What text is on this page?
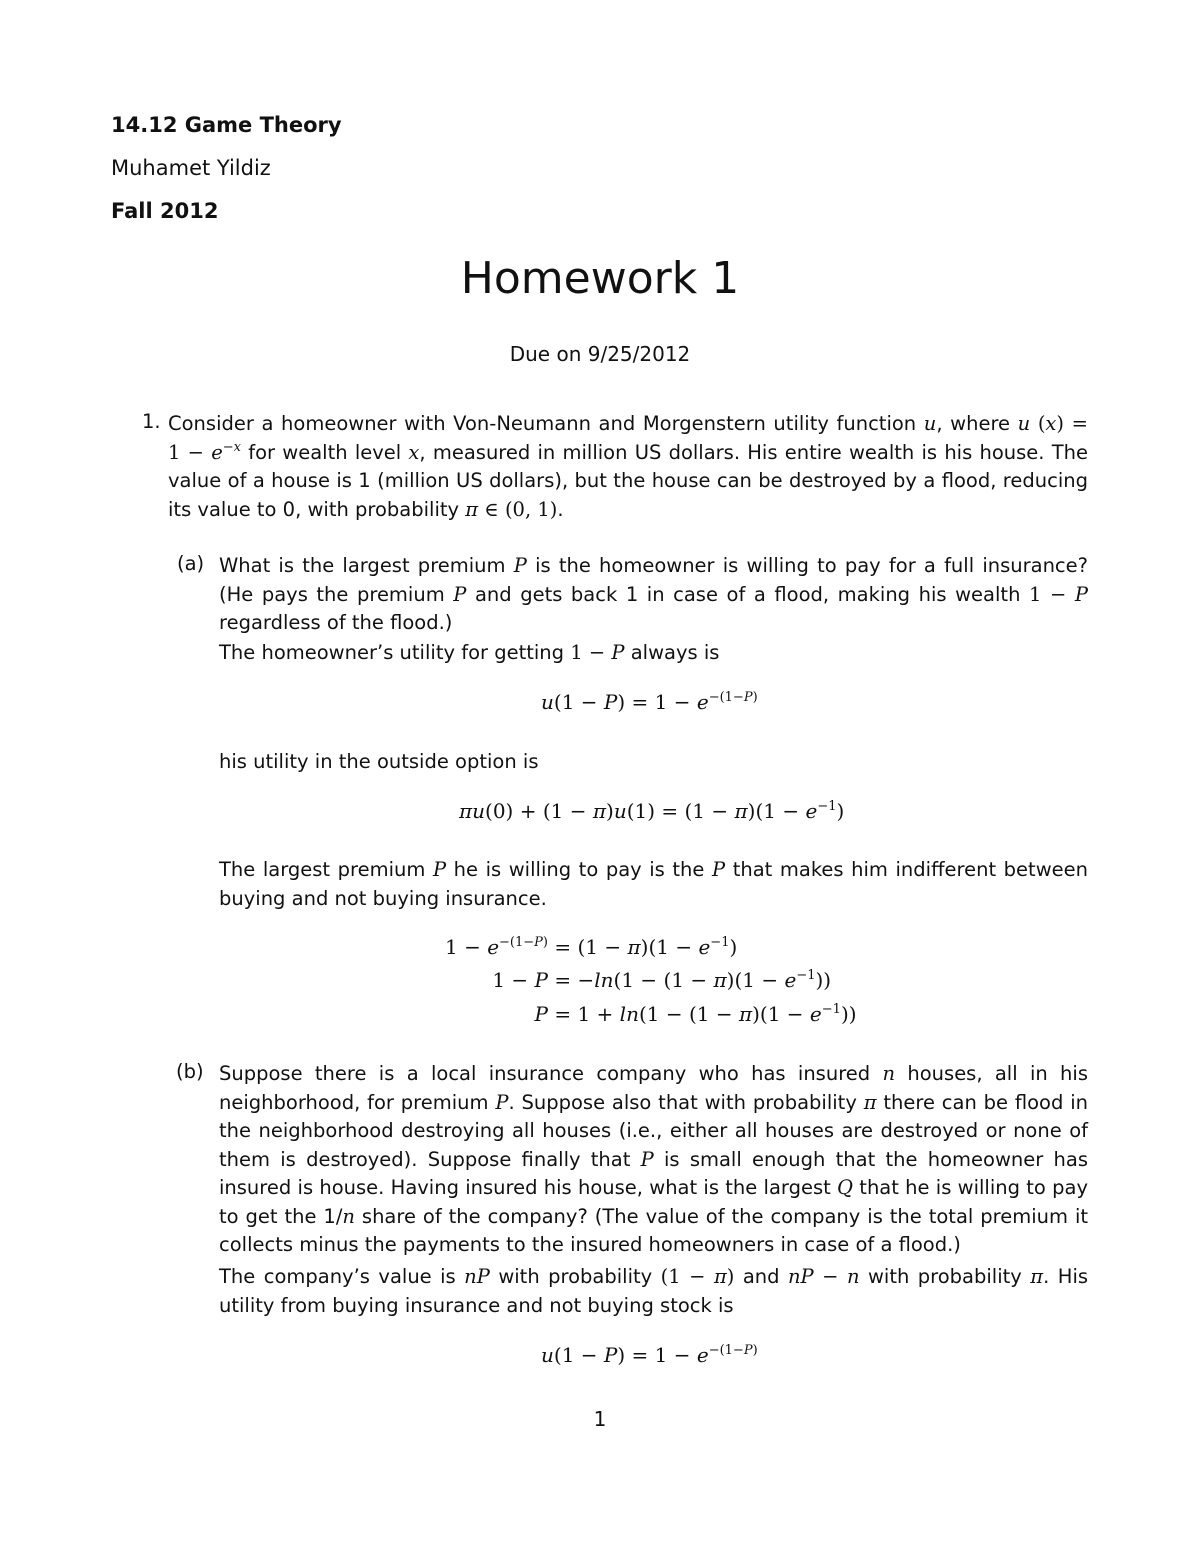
14.12 Game Theory
Muhamet Yildiz
Fall 2012
Homework 1
Due on 9/25/2012
1. Consider a homeowner with Von-Neumann and Morgenstern utility function u, where u $(x) = 1 - e^{-x}$ for wealth level x, measured in million US dollars. His entire wealth is his house. The value of a house is 1 (million US dollars), but the house can be destroyed by a flood, reducing its value to 0, with probability π ∈ (0, 1).
(a) What is the largest premium P is the homeowner is willing to pay for a full insurance? (He pays the premium P and gets back 1 in case of a flood, making his wealth 1 − P regardless of the flood.)
The homeowner’s utility for getting 1 − P always is
$u(1 - P) = 1 - e^{-(1-P)}$
his utility in the outside option is
$\pi u(0) + (1 - \pi)u(1) = (1 - \pi)(1 - e^{-1})$
The largest premium P he is willing to pay is the P that makes him indifferent between buying and not buying insurance.
$1 - e^{-(1-P)} = (1 - \pi)(1 - e^{-1})$
$1 - P = -\ln(1 - (1 - \pi)(1 - e^{-1}))$
$P = 1 + \ln(1 - (1 - \pi)(1 - e^{-1}))$
(b) Suppose there is a local insurance company who has insured n houses, all in his neighborhood, for premium P. Suppose also that with probability π there can be flood in the neighborhood destroying all houses (i.e., either all houses are destroyed or none of them is destroyed). Suppose finally that P is small enough that the homeowner has insured is house. Having insured his house, what is the largest Q that he is willing to pay to get the 1/n share of the company? (The value of the company is the total premium it collects minus the payments to the insured homeowners in case of a flood.)
The company’s value is nP with probability (1 − π) and nP − n with probability π. His utility from buying insurance and not buying stock is
$u(1 - P) = 1 - e^{-(1-P)}$
1
